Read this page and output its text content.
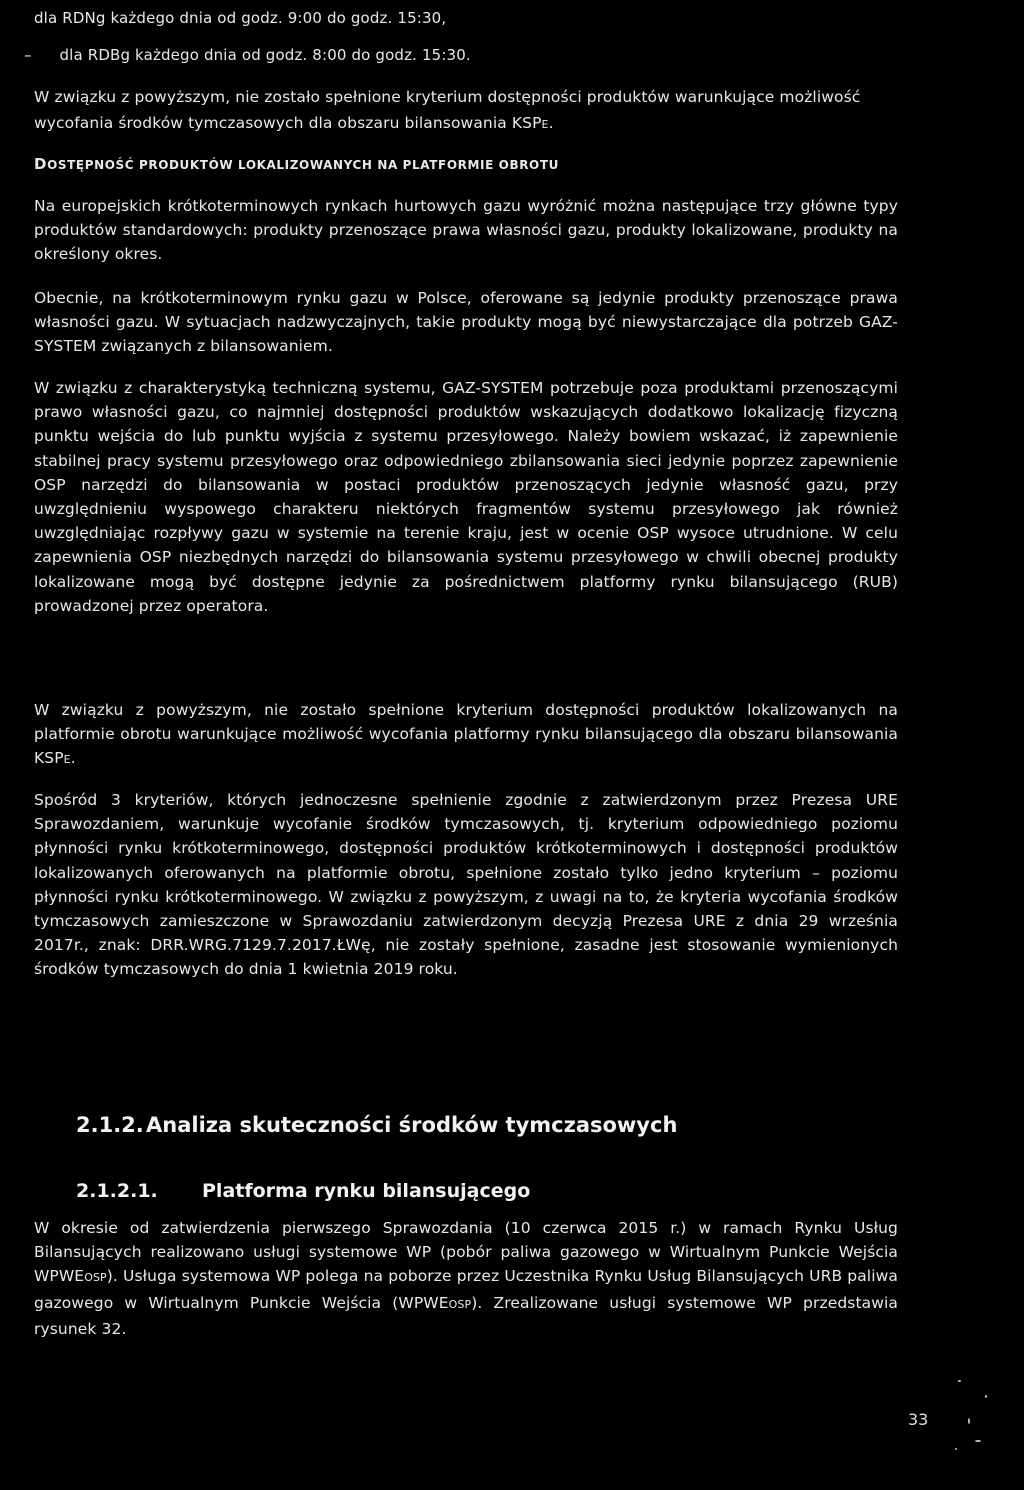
dla RDNg każdego dnia od godz. 9:00 do godz. 15:30,
– dla RDBg każdego dnia od godz. 8:00 do godz. 15:30.
W związku z powyższym, nie zostało spełnione kryterium dostępności produktów warunkujące możliwość wycofania środków tymczasowych dla obszaru bilansowania KSPE.
DOSTĘPNOŚĆ PRODUKTÓW LOKALIZOWANYCH NA PLATFORMIE OBROTU
Na europejskich krótkoterminowych rynkach hurtowych gazu wyróżnić można następujące trzy główne typy produktów standardowych: produkty przenoszące prawa własności gazu, produkty lokalizowane, produkty na określony okres.
Obecnie, na krótkoterminowym rynku gazu w Polsce, oferowane są jedynie produkty przenoszące prawa własności gazu. W sytuacjach nadzwyczajnych, takie produkty mogą być niewystarczające dla potrzeb GAZ-SYSTEM związanych z bilansowaniem.
W związku z charakterystyką techniczną systemu, GAZ-SYSTEM potrzebuje poza produktami przenoszącymi prawo własności gazu, co najmniej dostępności produktów wskazujących dodatkowo lokalizację fizyczną punktu wejścia do lub punktu wyjścia z systemu przesyłowego. Należy bowiem wskazać, iż zapewnienie stabilnej pracy systemu przesyłowego oraz odpowiedniego zbilansowania sieci jedynie poprzez zapewnienie OSP narzędzi do bilansowania w postaci produktów przenoszących jedynie własność gazu, przy uwzględnieniu wyspowego charakteru niektórych fragmentów systemu przesyłowego jak również uwzględniając rozpływy gazu w systemie na terenie kraju, jest w ocenie OSP wysoce utrudnione. W celu zapewnienia OSP niezbędnych narzędzi do bilansowania systemu przesyłowego w chwili obecnej produkty lokalizowane mogą być dostępne jedynie za pośrednictwem platformy rynku bilansującego (RUB) prowadzonej przez operatora.
W związku z powyższym, nie zostało spełnione kryterium dostępności produktów lokalizowanych na platformie obrotu warunkujące możliwość wycofania platformy rynku bilansującego dla obszaru bilansowania KSPE.
Spośród 3 kryteriów, których jednoczesne spełnienie zgodnie z zatwierdzonym przez Prezesa URE Sprawozdaniem, warunkuje wycofanie środków tymczasowych, tj. kryterium odpowiedniego poziomu płynności rynku krótkoterminowego, dostępności produktów krótkoterminowych i dostępności produktów lokalizowanych oferowanych na platformie obrotu, spełnione zostało tylko jedno kryterium – poziomu płynności rynku krótkoterminowego. W związku z powyższym, z uwagi na to, że kryteria wycofania środków tymczasowych zamieszczone w Sprawozdaniu zatwierdzonym decyzją Prezesa URE z dnia 29 września 2017r., znak: DRR.WRG.7129.7.2017.ŁWę, nie zostały spełnione, zasadne jest stosowanie wymienionych środków tymczasowych do dnia 1 kwietnia 2019 roku.
2.1.2. Analiza skuteczności środków tymczasowych
2.1.2.1. Platforma rynku bilansującego
W okresie od zatwierdzenia pierwszego Sprawozdania (10 czerwca 2015 r.) w ramach Rynku Usług Bilansujących realizowano usługi systemowe WP (pobór paliwa gazowego w Wirtualnym Punkcie Wejścia WPWEOSP). Usługa systemowa WP polega na poborze przez Uczestnika Rynku Usług Bilansujących URB paliwa gazowego w Wirtualnym Punkcie Wejścia (WPWEOSP). Zrealizowane usługi systemowe WP przedstawia rysunek 32.
33
